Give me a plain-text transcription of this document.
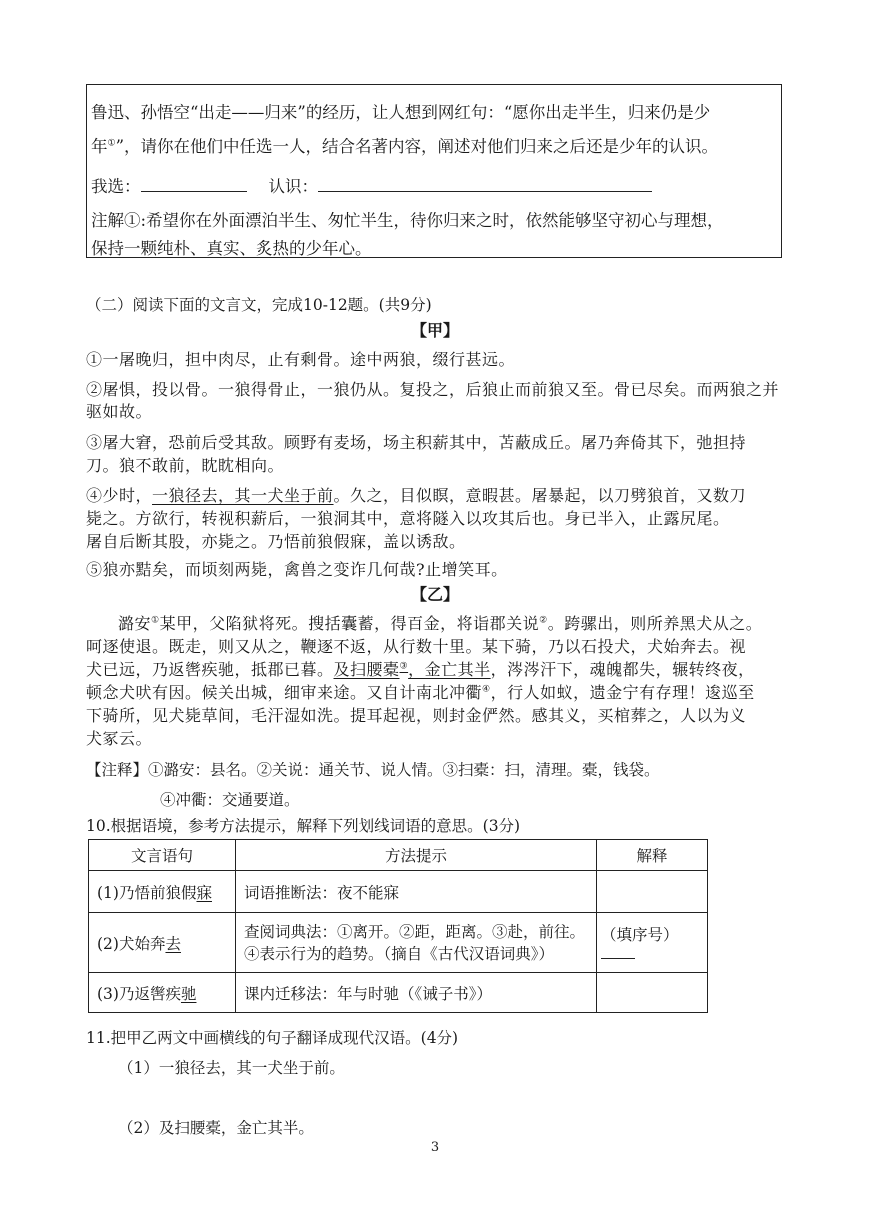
鲁迅、孙悟空“出走——归来”的经历，让人想到网红句：“愿你出走半生，归来仍是少
年①”，请你在他们中任选一人，结合名著内容，阐述对他们归来之后还是少年的认识。
我选：	认识：
注解①:希望你在外面漂泊半生、匆忙半生，待你归来之时，依然能够坚守初心与理想，
保持一颗纯朴、真实、炙热的少年心。
（二）阅读下面的文言文，完成10-12题。(共9分)
【甲】
①一屠晚归，担中肉尽，止有剩骨。途中两狼，缀行甚远。
②屠惧，投以骨。一狼得骨止，一狼仍从。复投之，后狼止而前狼又至。骨已尽矣。而两狼之并
驱如故。
③屠大窘，恐前后受其敌。顾野有麦场，场主积薪其中，苫蔽成丘。屠乃奔倚其下，弛担持
刀。狼不敢前，眈眈相向。
④少时，一狼径去，其一犬坐于前。久之，目似瞑，意暇甚。屠暴起，以刀劈狼首，又数刀
毙之。方欲行，转视积薪后，一狼洞其中，意将隧入以攻其后也。身已半入，止露尻尾。
屠自后断其股，亦毙之。乃悟前狼假寐，盖以诱敌。
⑤狼亦黠矣，而顷刻两毙，禽兽之变诈几何哉?止增笑耳。
【乙】
潞安①某甲，父陷狱将死。搜括囊蓄，得百金，将诣郡关说②。跨骡出，则所养黑犬从之。
呵逐使退。既走，则又从之，鞭逐不返，从行数十里。某下骑，乃以石投犬，犬始奔去。视
犬已远，乃返辔疾驰，抵郡已暮。及扫腰橐③，金亡其半，涔涔汗下，魂魄都失，辗转终夜，
顿念犬吠有因。候关出城，细审来途。又自计南北冲衢④，行人如蚁，遗金宁有存理！逡巡至
下骑所，见犬毙草间，毛汗湿如洗。提耳起视，则封金俨然。感其义，买棺葬之，人以为义
犬冢云。
【注释】①潞安：县名。②关说：通关节、说人情。③扫橐：扫，清理。橐，钱袋。
④冲衢：交通要道。
10.根据语境，参考方法提示，解释下列划线词语的意思。(3分)
文言语句	方法提示	解释
(1)乃悟前狼假寐	词语推断法：夜不能寐	
(2)犬始奔去	查阅词典法：①离开。②距，距离。③赴，前往。
④表示行为的趋势。（摘自《古代汉语词典》）	（填序号）
(3)乃返辔疾驰	课内迁移法：年与时驰（《诫子书》）	
11.把甲乙两文中画横线的句子翻译成现代汉语。(4分)
（1）一狼径去，其一犬坐于前。
（2）及扫腰橐，金亡其半。
3
